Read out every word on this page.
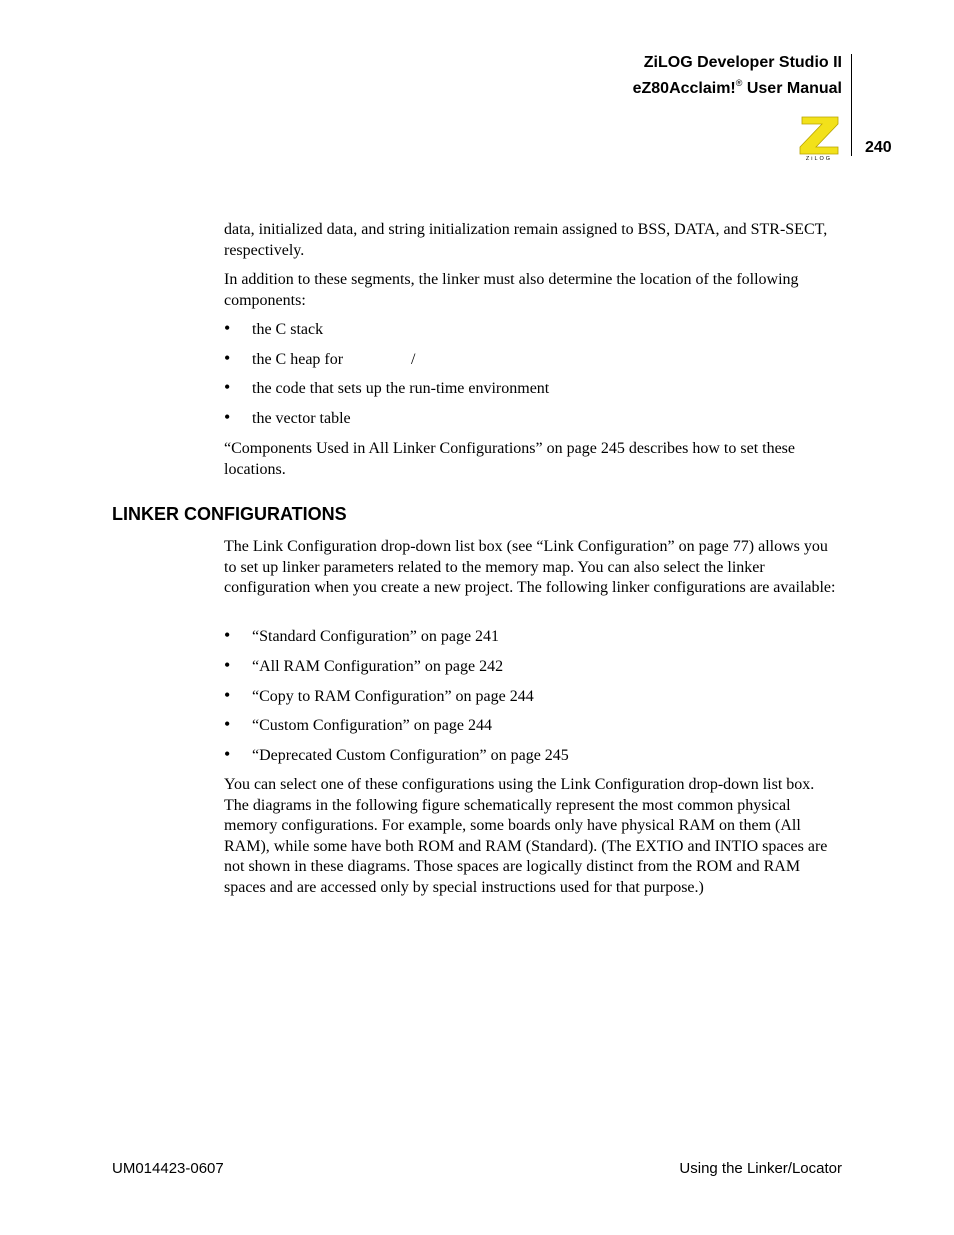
ZiLOG Developer Studio II
eZ80Acclaim!® User Manual
ZiLOG
240

data, initialized data, and string initialization remain assigned to BSS, DATA, and STR-SECT, respectively.

In addition to these segments, the linker must also determine the location of the following components:

• the C stack
• the C heap for	/
• the code that sets up the run-time environment
• the vector table

“Components Used in All Linker Configurations” on page 245 describes how to set these locations.

LINKER CONFIGURATIONS

The Link Configuration drop-down list box (see “Link Configuration” on page 77) allows you to set up linker parameters related to the memory map. You can also select the linker configuration when you create a new project. The following linker configurations are available:

• “Standard Configuration” on page 241
• “All RAM Configuration” on page 242
• “Copy to RAM Configuration” on page 244
• “Custom Configuration” on page 244
• “Deprecated Custom Configuration” on page 245

You can select one of these configurations using the Link Configuration drop-down list box. The diagrams in the following figure schematically represent the most common physical memory configurations. For example, some boards only have physical RAM on them (All RAM), while some have both ROM and RAM (Standard). (The EXTIO and INTIO spaces are not shown in these diagrams. Those spaces are logically distinct from the ROM and RAM spaces and are accessed only by special instructions used for that purpose.)

UM014423-0607	Using the Linker/Locator
